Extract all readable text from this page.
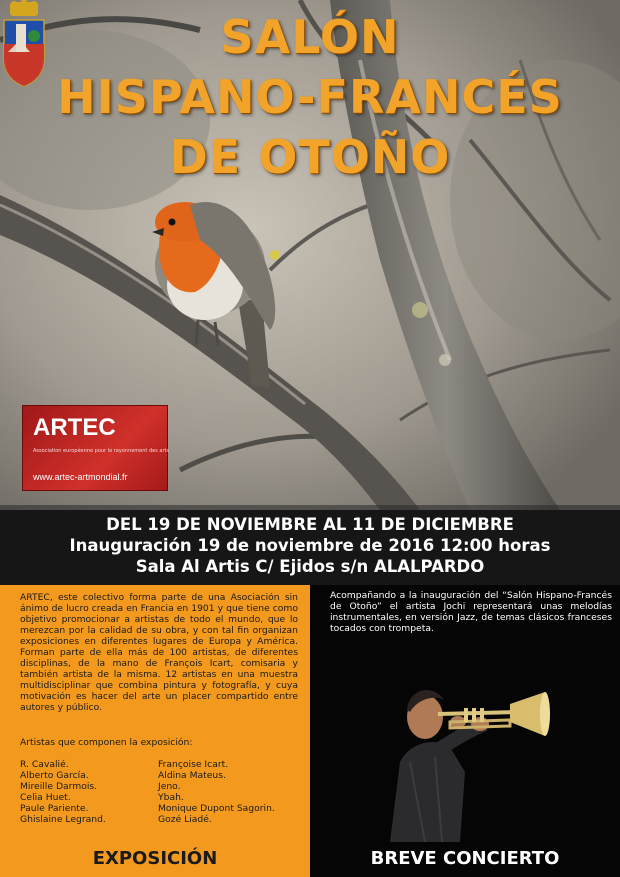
SALÓN
HISPANO-FRANCÉS
DE OTOÑO
ARTEC
Association européenne pour le rayonnement des arts
www.artec-artmondial.fr
DEL 19 DE NOVIEMBRE AL 11 DE DICIEMBRE
Inauguración 19 de noviembre de 2016 12:00 horas
Sala Al Artis C/ Ejidos s/n ALALPARDO

ARTEC, este colectivo forma parte de una Asociación sin ánimo de lucro creada en Francia en 1901 y que tiene como objetivo promocionar a artistas de todo el mundo, que lo merezcan por la calidad de su obra, y con tal fin organizan exposiciones en diferentes lugares de Europa y América. Forman parte de ella más de 100 artistas, de diferentes disciplinas, de la mano de François Icart, comisaria y también artista de la misma. 12 artistas en una muestra multidisciplinar que combina pintura y fotografía, y cuya motivación es hacer del arte un placer compartido entre autores y público.

Artistas que componen la exposición:

R. Cavalié.
Alberto García.
Mireille Darmois.
Celia Huet.
Paule Pariente.
Ghislaine Legrand.
Françoise Icart.
Aldina Mateus.
Jeno.
Ybah.
Monique Dupont Sagorin.
Gozé Liadé.

Acompañando a la inauguración del “Salón Hispano-Francés de Otoño” el artista Jochi representará unas melodías instrumentales, en versión Jazz, de temas clásicos franceses tocados con trompeta.

EXPOSICIÓN	BREVE CONCIERTO
